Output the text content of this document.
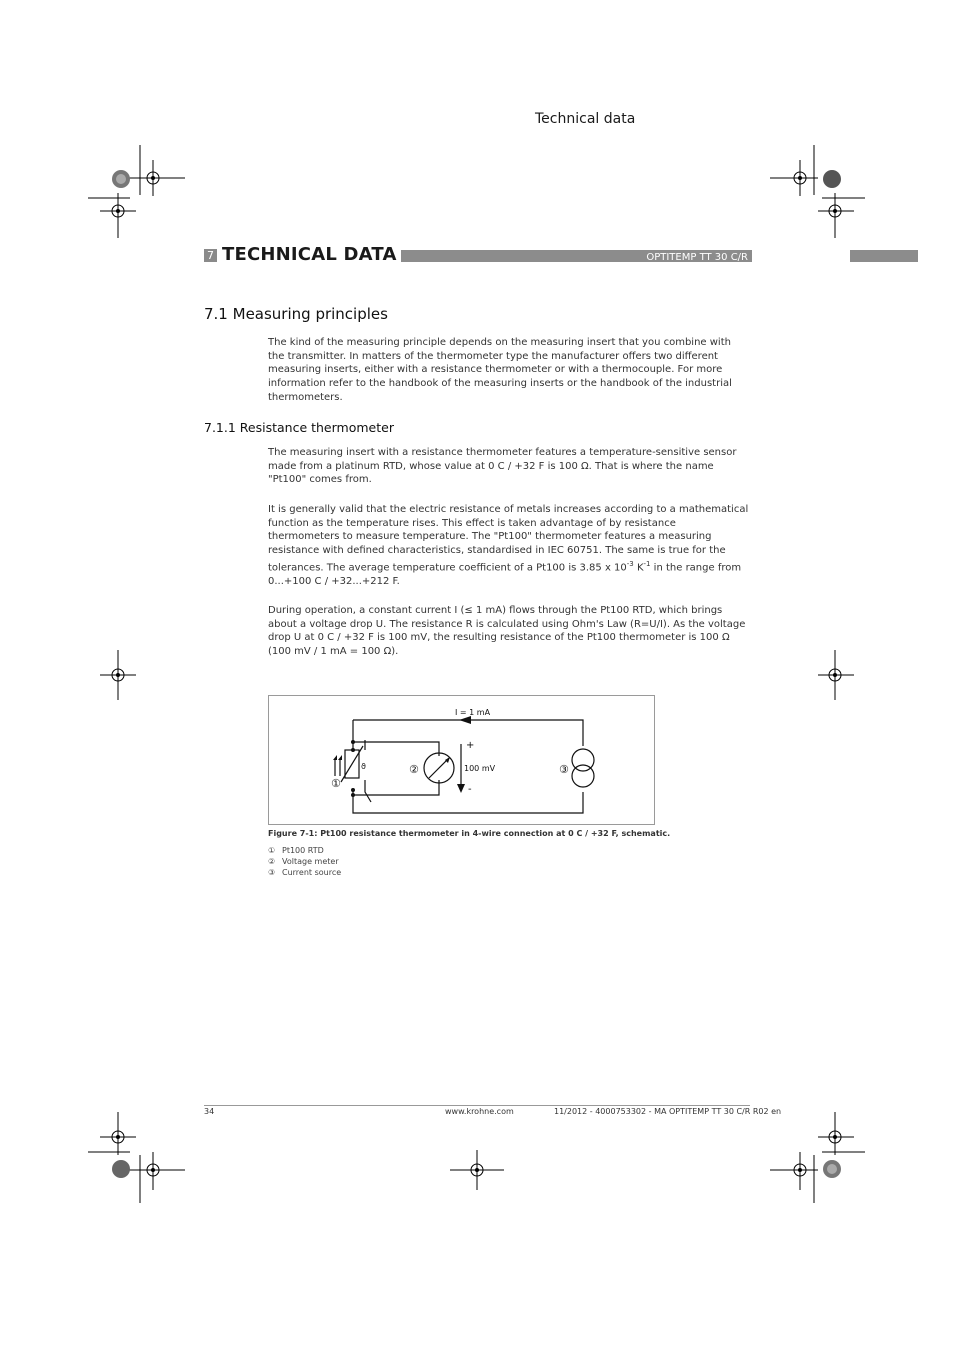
Technical data
OPTITEMP TT 30 C/R
7 TECHNICAL DATA
7.1 Measuring principles

The kind of the measuring principle depends on the measuring insert that you combine with the transmitter. In matters of the thermometer type the manufacturer offers two different measuring inserts, either with a resistance thermometer or with a thermocouple. For more information refer to the handbook of the measuring inserts or the handbook of the industrial thermometers.

7.1.1 Resistance thermometer

The measuring insert with a resistance thermometer features a temperature-sensitive sensor made from a platinum RTD, whose value at 0 C / +32 F is 100 Ω. That is where the name "Pt100" comes from.

It is generally valid that the electric resistance of metals increases according to a mathematical function as the temperature rises. This effect is taken advantage of by resistance thermometers to measure temperature. The "Pt100" thermometer features a measuring resistance with defined characteristics, standardised in IEC 60751. The same is true for the tolerances. The average temperature coefficient of a Pt100 is 3.85 x $10^{-3}$ $K^{-1}$ in the range from 0...+100 C / +32...+212 F.

During operation, a constant current I (≤ 1 mA) flows through the Pt100 RTD, which brings about a voltage drop U. The resistance R is calculated using Ohm's Law (R=U/I). As the voltage drop U at 0 C / +32 F is 100 mV, the resulting resistance of the Pt100 thermometer is 100 Ω (100 mV / 1 mA = 100 Ω).

I = 1 mA
100 mV
+
-
ϑ
①
②	③
Figure 7-1: Pt100 resistance thermometer in 4-wire connection at 0 C / +32 F, schematic.
① Pt100 RTD
② Voltage meter
③ Current source
34	www.krohne.com	11/2012 - 4000753302 - MA OPTITEMP TT 30 C/R R02 en
